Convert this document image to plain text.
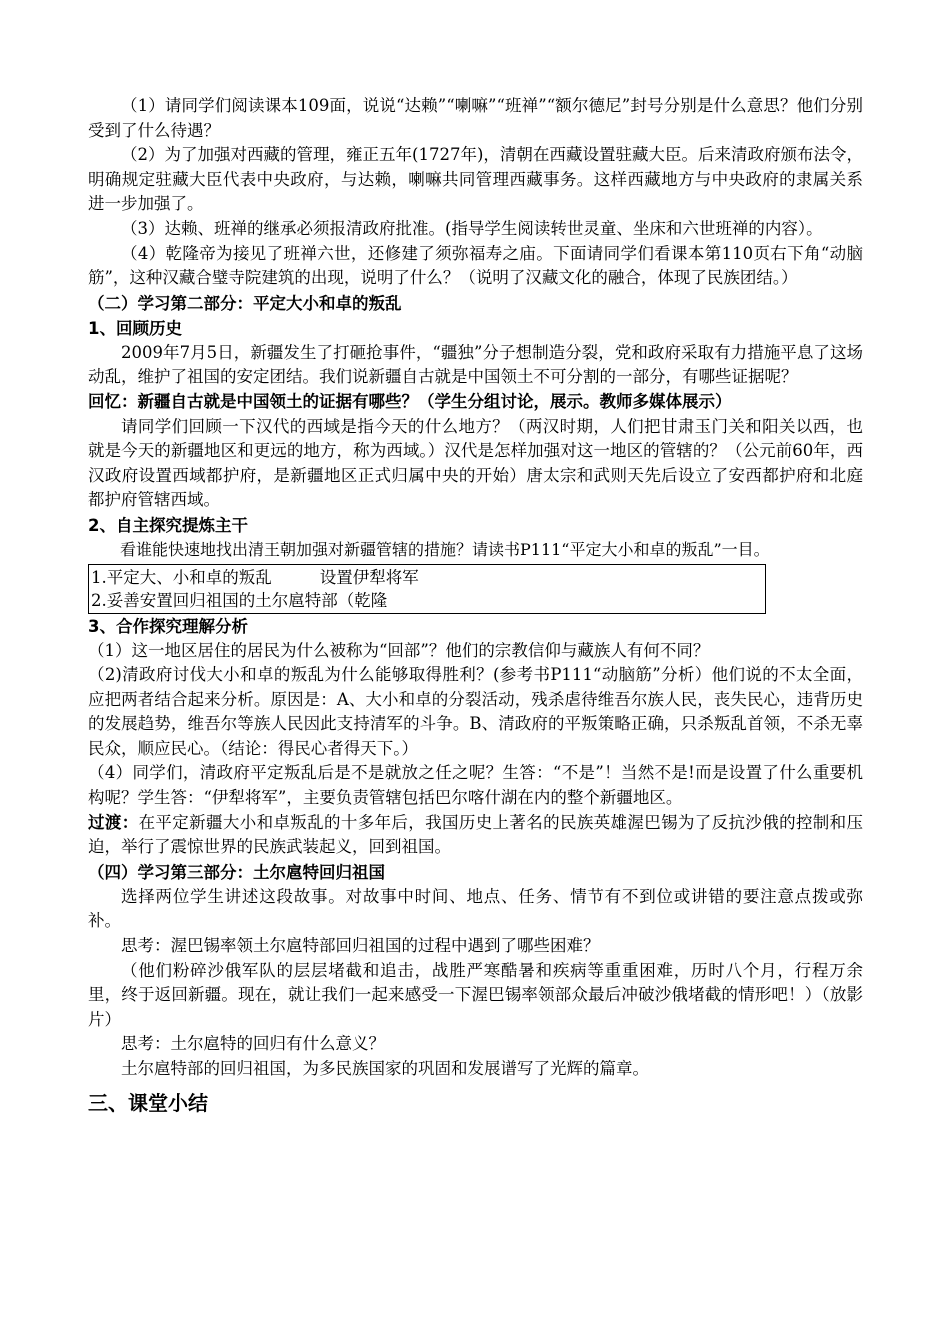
（1）请同学们阅读课本109面，说说“达赖”“喇嘛”“班禅”“额尔德尼”封号分别是什么意思？他们分别受到了什么待遇？

（2）为了加强对西藏的管理，雍正五年(1727年)，清朝在西藏设置驻藏大臣。后来清政府颁布法令，明确规定驻藏大臣代表中央政府，与达赖，喇嘛共同管理西藏事务。这样西藏地方与中央政府的隶属关系进一步加强了。

（3）达赖、班禅的继承必须报清政府批准。(指导学生阅读转世灵童、坐床和六世班禅的内容）。

（4）乾隆帝为接见了班禅六世，还修建了须弥福寿之庙。下面请同学们看课本第110页右下角“动脑筋”，这种汉藏合璧寺院建筑的出现，说明了什么？（说明了汉藏文化的融合，体现了民族团结。）

（二）学习第二部分：平定大小和卓的叛乱

1、回顾历史

2009年7月5日，新疆发生了打砸抢事件，“疆独”分子想制造分裂，党和政府采取有力措施平息了这场动乱，维护了祖国的安定团结。我们说新疆自古就是中国领土不可分割的一部分，有哪些证据呢？

回忆：新疆自古就是中国领土的证据有哪些？（学生分组讨论，展示。教师多媒体展示）

请同学们回顾一下汉代的西域是指今天的什么地方？（两汉时期，人们把甘肃玉门关和阳关以西，也就是今天的新疆地区和更远的地方，称为西域。）汉代是怎样加强对这一地区的管辖的？（公元前60年，西汉政府设置西域都护府，是新疆地区正式归属中央的开始）唐太宗和武则天先后设立了安西都护府和北庭都护府管辖西域。

2、自主探究提炼主干

看谁能快速地找出清王朝加强对新疆管辖的措施？请读书P111“平定大小和卓的叛乱”一目。

1.平定大、小和卓的叛乱	设置伊犁将军

2.妥善安置回归祖国的土尔扈特部（乾隆

3、合作探究理解分析

（1）这一地区居住的居民为什么被称为“回部”？他们的宗教信仰与藏族人有何不同？

（2)清政府讨伐大小和卓的叛乱为什么能够取得胜利？(参考书P111“动脑筋”分析）他们说的不太全面，应把两者结合起来分析。原因是：A、大小和卓的分裂活动，残杀虐待维吾尔族人民，丧失民心，违背历史的发展趋势，维吾尔等族人民因此支持清军的斗争。B、清政府的平叛策略正确，只杀叛乱首领，不杀无辜民众，顺应民心。（结论：得民心者得天下。）

（4）同学们，清政府平定叛乱后是不是就放之任之呢？生答：“不是”！当然不是!而是设置了什么重要机构呢？学生答：“伊犁将军”，主要负责管辖包括巴尔喀什湖在内的整个新疆地区。

过渡：在平定新疆大小和卓叛乱的十多年后，我国历史上著名的民族英雄渥巴锡为了反抗沙俄的控制和压迫，举行了震惊世界的民族武装起义，回到祖国。

（四）学习第三部分：土尔扈特回归祖国

选择两位学生讲述这段故事。对故事中时间、地点、任务、情节有不到位或讲错的要注意点拨或弥补。

思考：渥巴锡率领土尔扈特部回归祖国的过程中遇到了哪些困难？

（他们粉碎沙俄军队的层层堵截和追击，战胜严寒酷暑和疾病等重重困难，历时八个月，行程万余里，终于返回新疆。现在，就让我们一起来感受一下渥巴锡率领部众最后冲破沙俄堵截的情形吧！）（放影片）

思考：土尔扈特的回归有什么意义？

土尔扈特部的回归祖国，为多民族国家的巩固和发展谱写了光辉的篇章。

三、课堂小结
